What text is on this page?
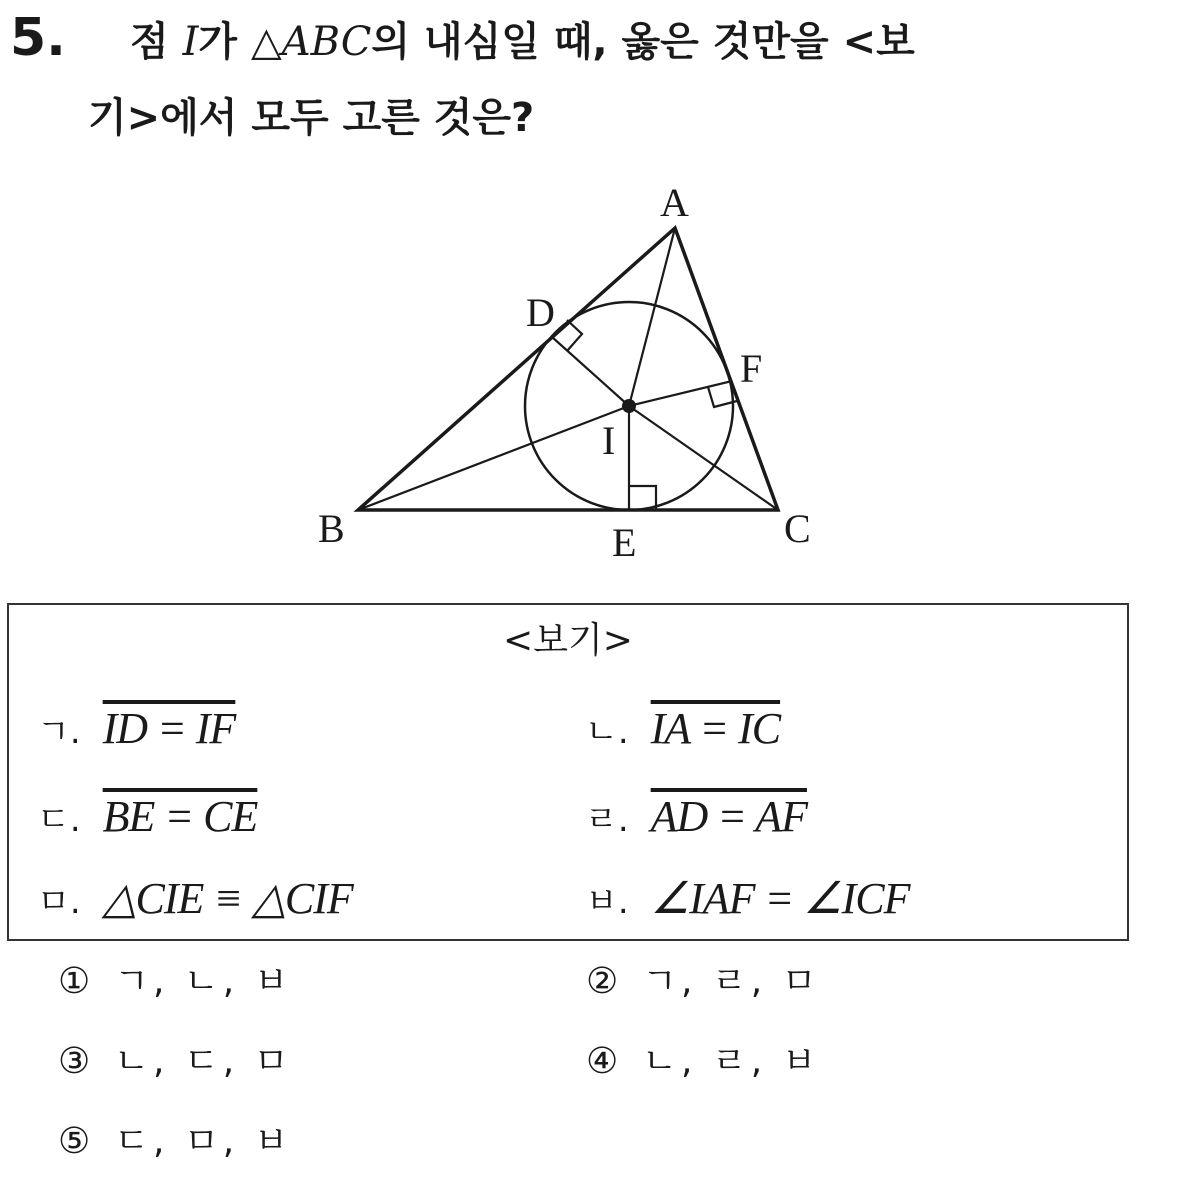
5. 점 I가 △ABC의 내심일 때, 옳은 것만을 <보
기>에서 모두 고른 것은?
A
B	C
D
E
F
I
<보기>
ㄱ. ID = IF	ㄴ. IA = IC
ㄷ. BE = CE	ㄹ. AD = AF
ㅁ. △CIE ≡ △CIF	ㅂ. ∠IAF = ∠ICF
① ㄱ, ㄴ, ㅂ	② ㄱ, ㄹ, ㅁ
③ ㄴ, ㄷ, ㅁ	④ ㄴ, ㄹ, ㅂ
⑤ ㄷ, ㅁ, ㅂ
